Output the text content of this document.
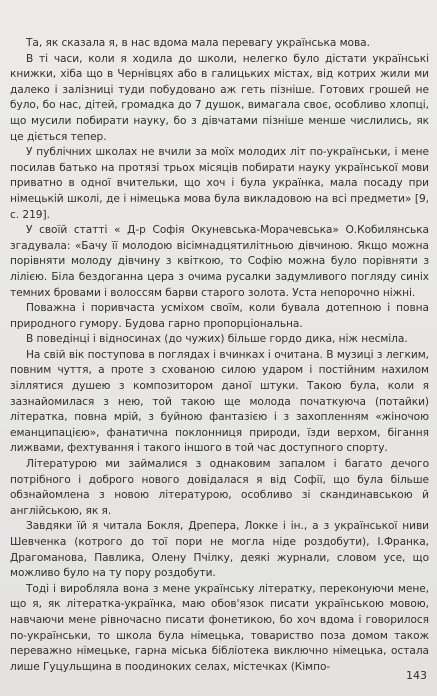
Та, як сказала я, в нас вдома мала перевагу українська мова.

В ті часи, коли я ходила до школи, нелегко було дістати українські книжки, хіба що в Чернівцях або в галицьких містах, від котрих жили ми далеко і залізниці туди побудовано аж геть пізніше. Готових грошей не було, бо нас, дітей, громадка до 7 душок, вимагала своє, особливо хлопці, що мусили побирати науку, бо з дівчатами пізніше менше числились, як це діється тепер.

У публічних школах не вчили за моїх молодих літ по-українськи, і мене посилав батько на протязі трьох місяців побирати науку української мови приватно в одної вчительки, що хоч і була українка, мала посаду при німецькій школі, де і німецька мова була викладовою на всі предмети» [9, с. 219].

У своїй статті « Д-р Софія Окуневська-Морачевська» О.Кобилянська згадувала: «Бачу її молодою вісімнадцятилітньою дівчиною. Якщо можна порівняти молоду дівчину з квіткою, то Софію можна було порівняти з лілією. Біла бездоганна цера з очима русалки задумливого погляду синіх темних бровами і волоссям барви старого золота. Уста непорочно ніжні.

Поважна і поривчаста усміхом своїм, коли бувала дотепною і повна природного гумору. Будова гарно пропорціональна.

В поведінці і відносинах (до чужих) більше гордо дика, ніж несміла.

На свій вік поступова в поглядах і вчинках і очитана. В музиці з легким, повним чуття, а проте з схованою силою ударом і постійним нахилом зіллятися душею з композитором даної штуки. Такою була, коли я зазнайомилася з нею, той такою ще молода початкуюча (потайки) літератка, повна мрій, з буйною фантазією і з захопленням «жіночою еманципацією», фанатична поклонниця природи, їзди верхом, бігання лижвами, фехтування і такого іншого в той час доступного спорту.

Літературою ми займалися з однаковим запалом і багато дечого потрібного і доброго нового довідалася я від Софії, що була більше обзнайомлена з новою літературою, особливо зі скандинавською й англійською, як я.

Завдяки їй я читала Бокля, Дрепера, Локке і ін., а з української ниви Шевченка (котрого до тої пори не могла ніде роздобути), І.Франка, Драгоманова, Павлика, Олену Пчілку, деякі журнали, словом усе, що можливо було на ту пору роздобути.

Тоді і виробляла вона з мене українську літератку, переконуючи мене, що я, як літератка-українка, маю обов'язок писати українською мовою, навчаючи мене рівночасно писати фонетикою, бо хоч вдома і говорилося по-українськи, то школа була німецька, товариство поза домом також переважно німецьке, гарна міська бібліотека виключно німецька, остала лише Гуцульщина в поодиноких селах, містечках (Кімпо-

143
